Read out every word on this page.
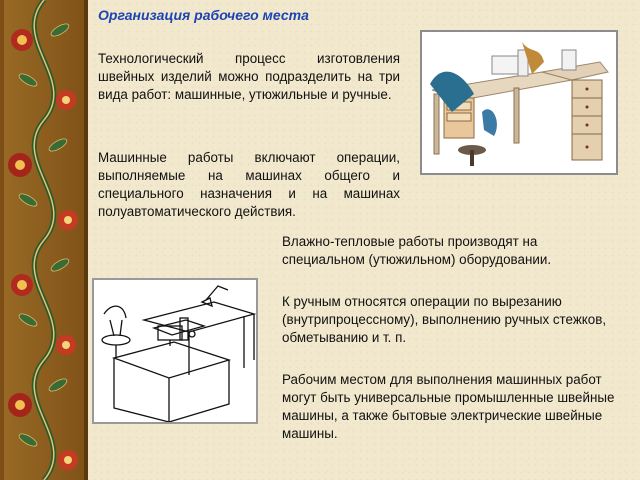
Организация рабочего места

Технологический процесс изготовления швейных изделий можно подразделить на три вида работ: машинные, утюжильные и ручные.

Машинные работы включают операции, выполняемые на машинах общего и специального назначения и на машинах полуавтоматического действия.

Влажно-тепловые работы производят на специальном (утюжильном) оборудовании.

К ручным относятся операции по вырезанию (внутрипроцессному), выполнению ручных стежков, обметыванию и т. п.

Рабочим местом для выполнения машинных работ могут быть универсальные промышленные швейные машины, а также бытовые электрические швейные машины.
